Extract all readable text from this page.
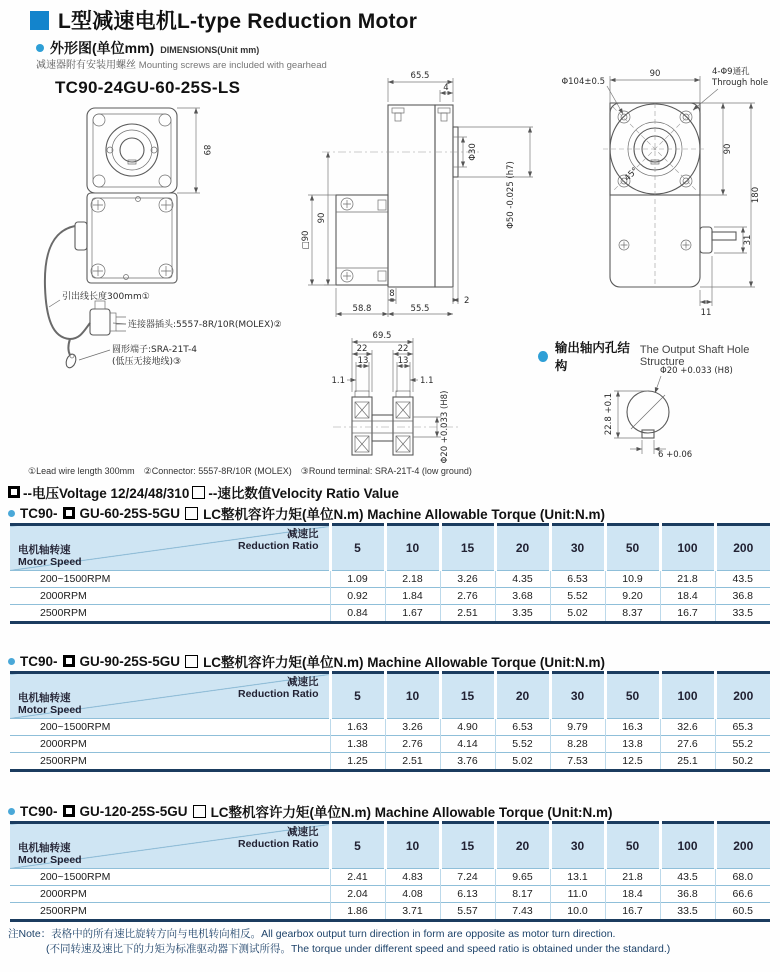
L型减速电机L-type Reduction Motor
外形图(单位mm) DIMENSIONS(Unit mm)
减速器附有安装用螺丝 Mounting screws are included with gearhead
TC90-24GU-60-25S-LS
89
引出线长度300mm①
连接器插头:5557-8R/10R(MOLEX)②
圆形端子:SRA-21T-4
(低压无接地线)③
65.5
4
90
□90
Φ30
Φ50 -0.025 (h7)
8
2
58.8	55.5
45°
90
Φ104±0.5
4-Φ9通孔
Through hole
90
180
31
11
69.5
22	22
13	13
1.1	1.1
Φ20 +0.033 (H8)
输出轴内孔结构
The Output Shaft Hole Structure
Φ20 +0.033 (H8)
22.8 +0.1
6 +0.06
①Lead wire length 300mm　②Connector: 5557-8R/10R (MOLEX)　③Round terminal: SRA-21T-4 (low ground)
--电压Voltage 12/24/48/310 --速比数值Velocity Ratio Value
TC90- GU-60-25S-5GU LC整机容许力矩(单位N.m) Machine Allowable Torque (Unit:N.m)
减速比
Reduction Ratio
电机轴转速
Motor Speed	5	10	15	20	30	50	100	200
200~1500RPM	1.09	2.18	3.26	4.35	6.53	10.9	21.8	43.5
2000RPM	0.92	1.84	2.76	3.68	5.52	9.20	18.4	36.8
2500RPM	0.84	1.67	2.51	3.35	5.02	8.37	16.7	33.5
TC90- GU-90-25S-5GU LC整机容许力矩(单位N.m) Machine Allowable Torque (Unit:N.m)
减速比
Reduction Ratio
电机轴转速
Motor Speed	5	10	15	20	30	50	100	200
200~1500RPM	1.63	3.26	4.90	6.53	9.79	16.3	32.6	65.3
2000RPM	1.38	2.76	4.14	5.52	8.28	13.8	27.6	55.2
2500RPM	1.25	2.51	3.76	5.02	7.53	12.5	25.1	50.2
TC90- GU-120-25S-5GU LC整机容许力矩(单位N.m) Machine Allowable Torque (Unit:N.m)
减速比
Reduction Ratio
电机轴转速
Motor Speed	5	10	15	20	30	50	100	200
200~1500RPM	2.41	4.83	7.24	9.65	13.1	21.8	43.5	68.0
2000RPM	2.04	4.08	6.13	8.17	11.0	18.4	36.8	66.6
2500RPM	1.86	3.71	5.57	7.43	10.0	16.7	33.5	60.5
注Note：表格中的所有速比旋转方向与电机转向相反。All gearbox output turn direction in form are opposite as motor turn direction.
(不同转速及速比下的力矩为标准驱动器下测试所得。The torque under different speed and speed ratio is obtained under the standard.)
